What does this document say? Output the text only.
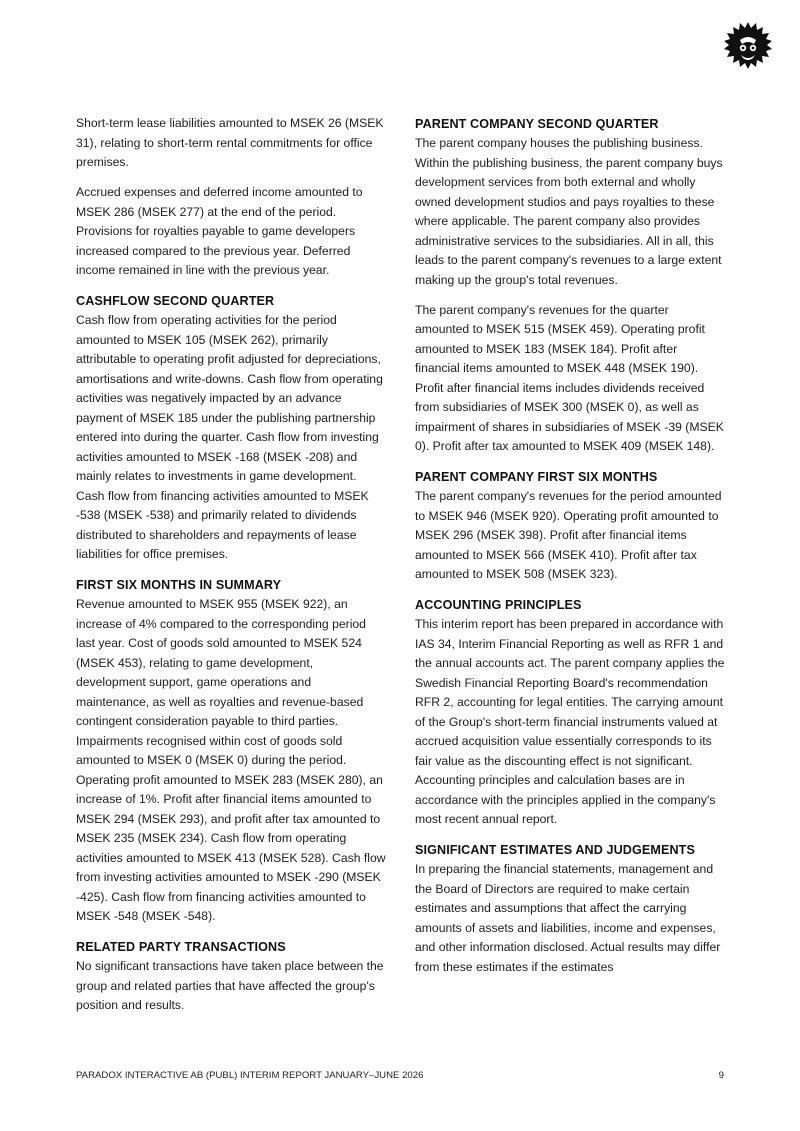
Short-term lease liabilities amounted to MSEK 26 (MSEK 31), relating to short-term rental commitments for office premises.

Accrued expenses and deferred income amounted to MSEK 286 (MSEK 277) at the end of the period. Provisions for royalties payable to game developers increased compared to the previous year. Deferred income remained in line with the previous year.

CASHFLOW SECOND QUARTER

Cash flow from operating activities for the period amounted to MSEK 105 (MSEK 262), primarily attributable to operating profit adjusted for depreciations, amortisations and write-downs. Cash flow from operating activities was negatively impacted by an advance payment of MSEK 185 under the publishing partnership entered into during the quarter. Cash flow from investing activities amounted to MSEK -168 (MSEK -208) and mainly relates to investments in game development. Cash flow from financing activities amounted to MSEK -538 (MSEK -538) and primarily related to dividends distributed to shareholders and repayments of lease liabilities for office premises.

FIRST SIX MONTHS IN SUMMARY

Revenue amounted to MSEK 955 (MSEK 922), an increase of 4% compared to the corresponding period last year. Cost of goods sold amounted to MSEK 524 (MSEK 453), relating to game development, development support, game operations and maintenance, as well as royalties and revenue-based contingent consideration payable to third parties. Impairments recognised within cost of goods sold amounted to MSEK 0 (MSEK 0) during the period. Operating profit amounted to MSEK 283 (MSEK 280), an increase of 1%. Profit after financial items amounted to MSEK 294 (MSEK 293), and profit after tax amounted to MSEK 235 (MSEK 234). Cash flow from operating activities amounted to MSEK 413 (MSEK 528). Cash flow from investing activities amounted to MSEK -290 (MSEK -425). Cash flow from financing activities amounted to MSEK -548 (MSEK -548).

RELATED PARTY TRANSACTIONS

No significant transactions have taken place between the group and related parties that have affected the group's position and results.

PARENT COMPANY SECOND QUARTER

The parent company houses the publishing business. Within the publishing business, the parent company buys development services from both external and wholly owned development studios and pays royalties to these where applicable. The parent company also provides administrative services to the subsidiaries. All in all, this leads to the parent company's revenues to a large extent making up the group's total revenues.

The parent company's revenues for the quarter amounted to MSEK 515 (MSEK 459). Operating profit amounted to MSEK 183 (MSEK 184). Profit after financial items amounted to MSEK 448 (MSEK 190). Profit after financial items includes dividends received from subsidiaries of MSEK 300 (MSEK 0), as well as impairment of shares in subsidiaries of MSEK -39 (MSEK 0). Profit after tax amounted to MSEK 409 (MSEK 148).

PARENT COMPANY FIRST SIX MONTHS

The parent company's revenues for the period amounted to MSEK 946 (MSEK 920). Operating profit amounted to MSEK 296 (MSEK 398). Profit after financial items amounted to MSEK 566 (MSEK 410). Profit after tax amounted to MSEK 508 (MSEK 323).

ACCOUNTING PRINCIPLES

This interim report has been prepared in accordance with IAS 34, Interim Financial Reporting as well as RFR 1 and the annual accounts act. The parent company applies the Swedish Financial Reporting Board's recommendation RFR 2, accounting for legal entities. The carrying amount of the Group's short-term financial instruments valued at accrued acquisition value essentially corresponds to its fair value as the discounting effect is not significant. Accounting principles and calculation bases are in accordance with the principles applied in the company's most recent annual report.

SIGNIFICANT ESTIMATES AND JUDGEMENTS

In preparing the financial statements, management and the Board of Directors are required to make certain estimates and assumptions that affect the carrying amounts of assets and liabilities, income and expenses, and other information disclosed. Actual results may differ from these estimates if the estimates

PARADOX INTERACTIVE AB (PUBL) INTERIM REPORT JANUARY–JUNE 2026	9
